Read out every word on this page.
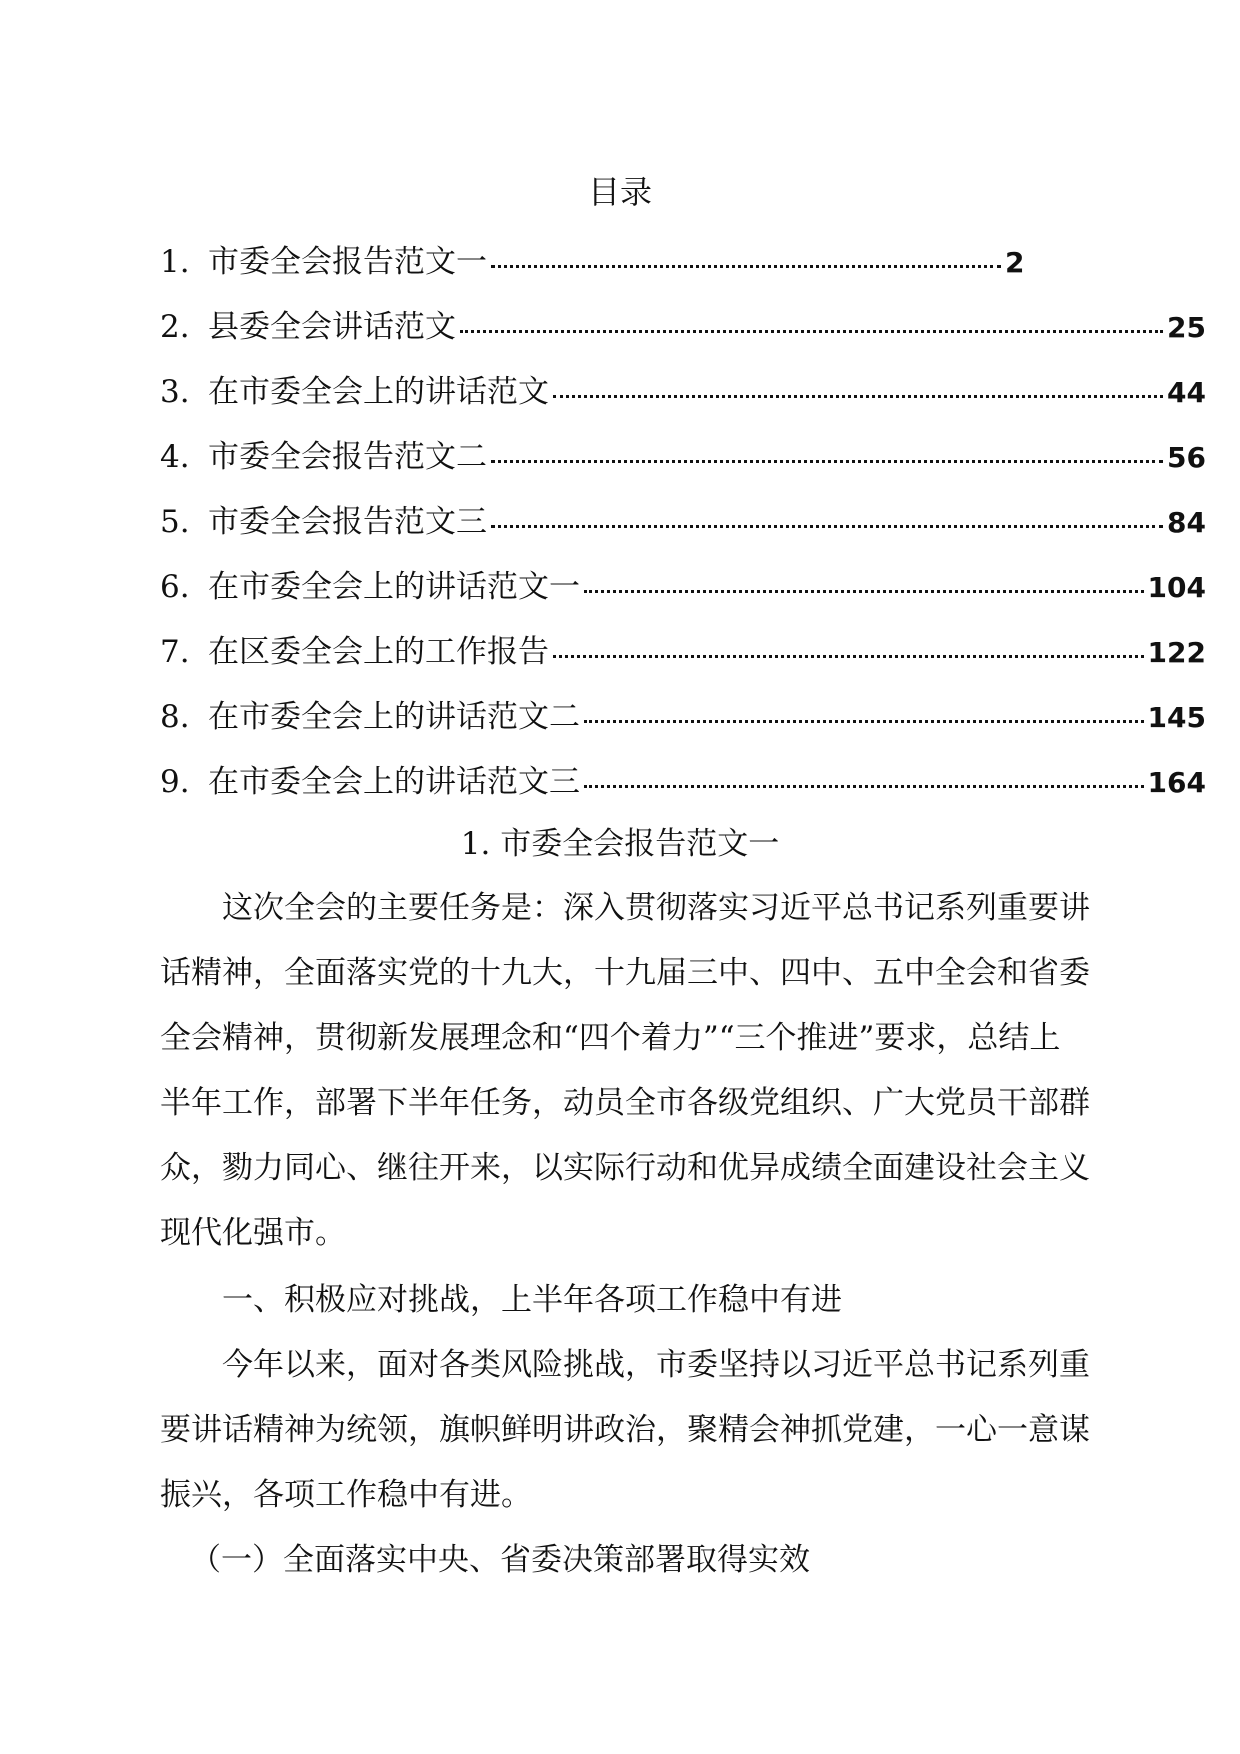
目录
1. 市委全会报告范文一	2
2. 县委全会讲话范文	25
3. 在市委全会上的讲话范文	44
4. 市委全会报告范文二	56
5. 市委全会报告范文三	84
6. 在市委全会上的讲话范文一	104
7. 在区委全会上的工作报告	122
8. 在市委全会上的讲话范文二	145
9. 在市委全会上的讲话范文三	164
1. 市委全会报告范文一

这次全会的主要任务是：深入贯彻落实习近平总书记系列重要讲话精神，全面落实党的十九大，十九届三中、四中、五中全会和省委全会精神，贯彻新发展理念和“四个着力”“三个推进”要求，总结上半年工作，部署下半年任务，动员全市各级党组织、广大党员干部群众，勠力同心、继往开来，以实际行动和优异成绩全面建设社会主义现代化强市。

一、积极应对挑战，上半年各项工作稳中有进

今年以来，面对各类风险挑战，市委坚持以习近平总书记系列重要讲话精神为统领，旗帜鲜明讲政治，聚精会神抓党建，一心一意谋振兴，各项工作稳中有进。

（一）全面落实中央、省委决策部署取得实效
